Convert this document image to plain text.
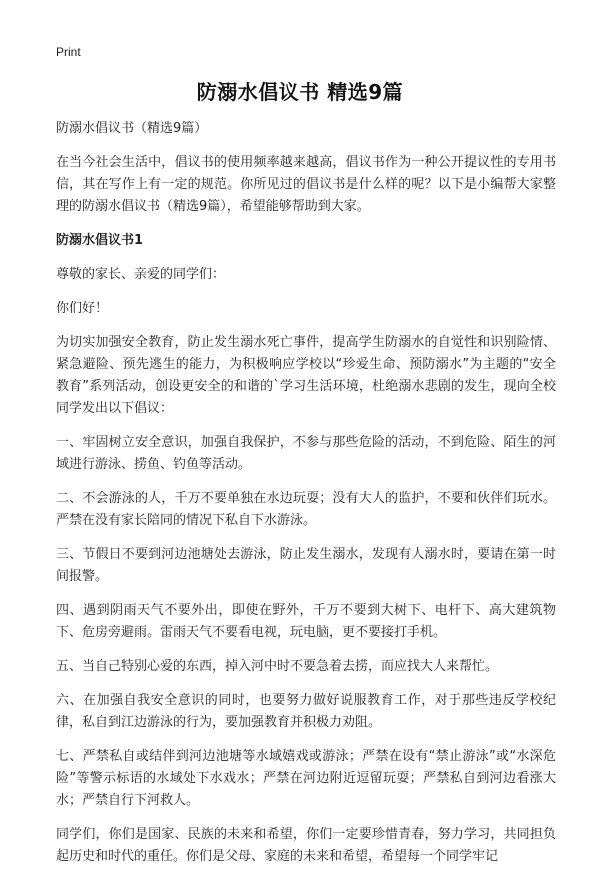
Print
防溺水倡议书 精选9篇

防溺水倡议书（精选9篇）

在当今社会生活中，倡议书的使用频率越来越高，倡议书作为一种公开提议性的专用书信，其在写作上有一定的规范。你所见过的倡议书是什么样的呢？以下是小编帮大家整理的防溺水倡议书（精选9篇），希望能够帮助到大家。

防溺水倡议书1

尊敬的家长、亲爱的同学们：

你们好！

为切实加强安全教育，防止发生溺水死亡事件，提高学生防溺水的自觉性和识别险情、紧急避险、预先逃生的能力，为积极响应学校以“珍爱生命、预防溺水”为主题的“安全教育”系列活动，创设更安全的和谐的`学习生活环境，杜绝溺水悲剧的发生，现向全校同学发出以下倡议：

一、牢固树立安全意识，加强自我保护，不参与那些危险的活动，不到危险、陌生的河域进行游泳、捞鱼、钓鱼等活动。

二、不会游泳的人，千万不要单独在水边玩耍；没有大人的监护，不要和伙伴们玩水。严禁在没有家长陪同的情况下私自下水游泳。

三、节假日不要到河边池塘处去游泳，防止发生溺水，发现有人溺水时，要请在第一时间报警。

四、遇到阴雨天气不要外出，即使在野外，千万不要到大树下、电杆下、高大建筑物下、危房旁避雨。雷雨天气不要看电视，玩电脑，更不要接打手机。

五、当自己特别心爱的东西，掉入河中时不要急着去捞，而应找大人来帮忙。

六、在加强自我安全意识的同时，也要努力做好说服教育工作，对于那些违反学校纪律，私自到江边游泳的行为，要加强教育并积极力劝阻。

七、严禁私自或结伴到河边池塘等水域嬉戏或游泳；严禁在设有“禁止游泳”或“水深危险”等警示标语的水域处下水戏水；严禁在河边附近逗留玩耍；严禁私自到河边看涨大水；严禁自行下河救人。

同学们，你们是国家、民族的未来和希望，你们一定要珍惜青春，努力学习，共同担负起历史和时代的重任。你们是父母、家庭的未来和希望，希望每一个同学牢记
